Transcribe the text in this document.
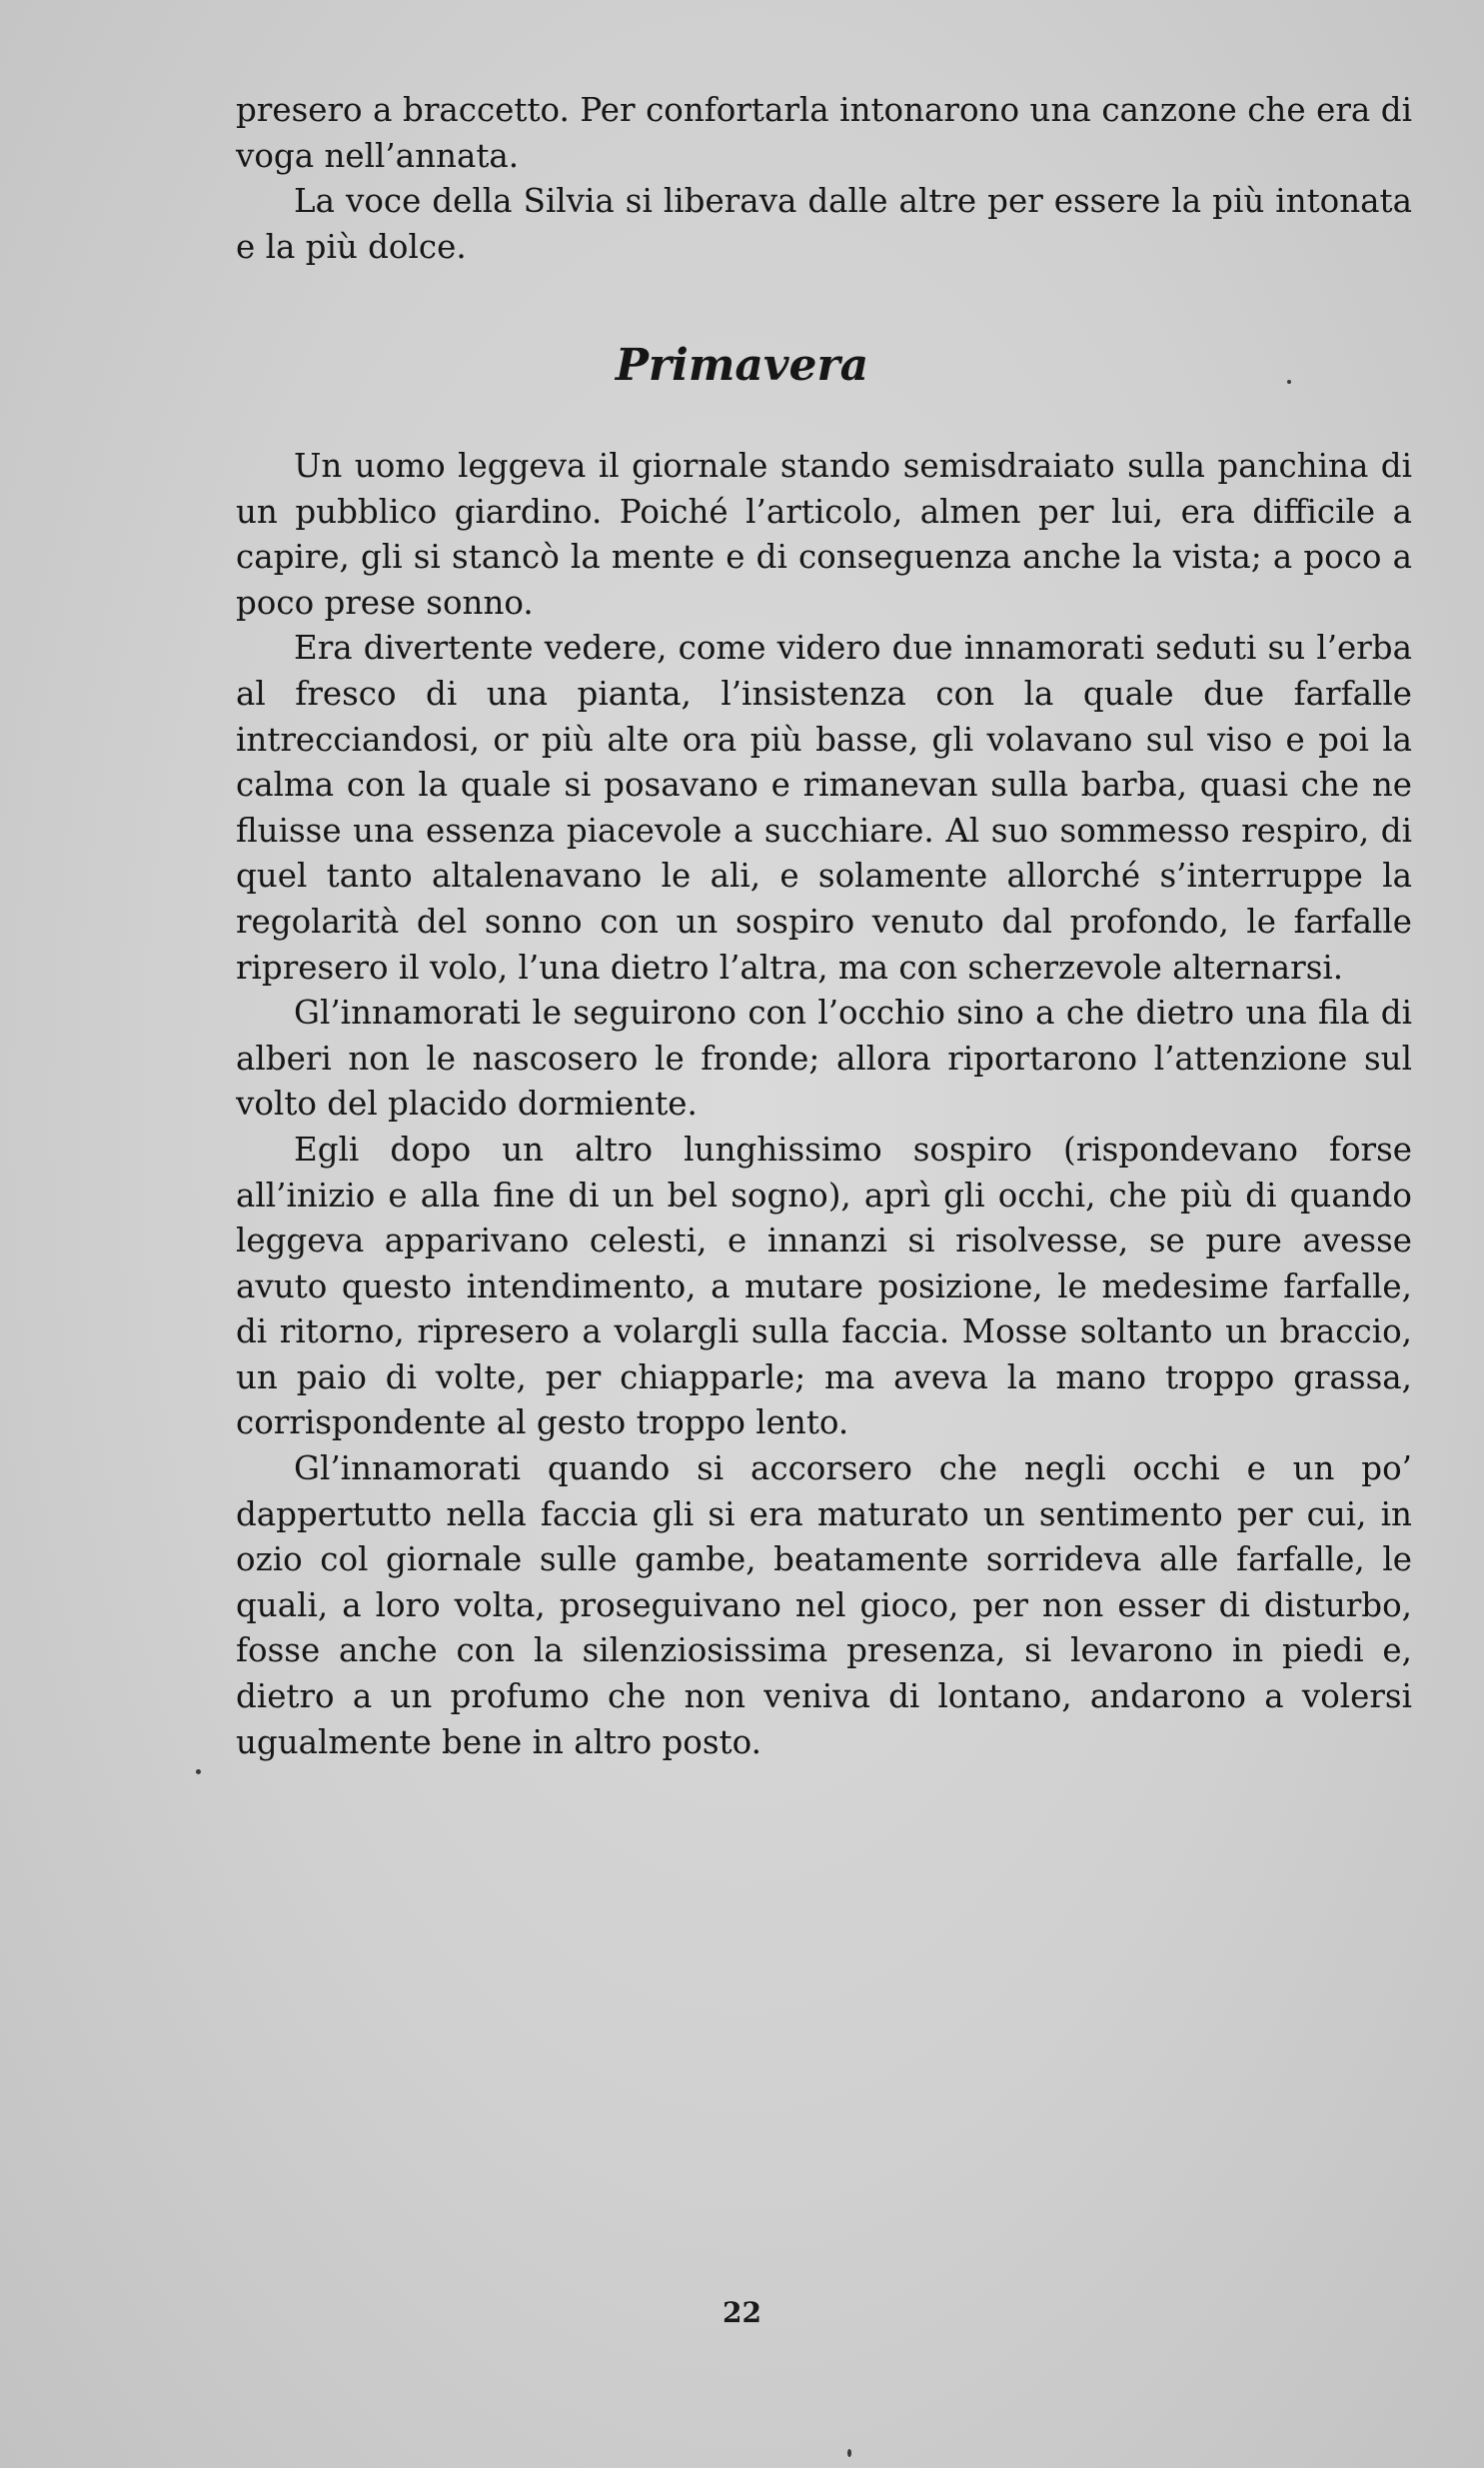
presero a braccetto. Per confortarla intonarono una canzone che era di voga nell’annata.

La voce della Silvia si liberava dalle altre per essere la più intonata e la più dolce.

Primavera

Un uomo leggeva il giornale stando semisdraiato sulla panchina di un pubblico giardino. Poiché l’articolo, almen per lui, era difficile a capire, gli si stancò la mente e di conseguenza anche la vista; a poco a poco prese sonno.

Era divertente vedere, come videro due innamorati seduti su l’erba al fresco di una pianta, l’insistenza con la quale due farfalle intrecciandosi, or più alte ora più basse, gli volavano sul viso e poi la calma con la quale si posavano e rimanevan sulla barba, quasi che ne fluisse una essenza piacevole a succhiare. Al suo sommesso respiro, di quel tanto altalenavano le ali, e solamente allorché s’interruppe la regolarità del sonno con un sospiro venuto dal profondo, le farfalle ripresero il volo, l’una dietro l’altra, ma con scherzevole alternarsi.

Gl’innamorati le seguirono con l’occhio sino a che dietro una fila di alberi non le nascosero le fronde; allora riportarono l’attenzione sul volto del placido dormiente.

Egli dopo un altro lunghissimo sospiro (rispondevano forse all’inizio e alla fine di un bel sogno), aprì gli occhi, che più di quando leggeva apparivano celesti, e innanzi si risolvesse, se pure avesse avuto questo intendimento, a mutare posizione, le medesime farfalle, di ritorno, ripresero a volargli sulla faccia. Mosse soltanto un braccio, un paio di volte, per chiapparle; ma aveva la mano troppo grassa, corrispondente al gesto troppo lento.

Gl’innamorati quando si accorsero che negli occhi e un po’ dappertutto nella faccia gli si era maturato un sentimento per cui, in ozio col giornale sulle gambe, beatamente sorrideva alle farfalle, le quali, a loro volta, proseguivano nel gioco, per non esser di disturbo, fosse anche con la silenziosissima presenza, si levarono in piedi e, dietro a un profumo che non veniva di lontano, andarono a volersi ugualmente bene in altro posto.

22
